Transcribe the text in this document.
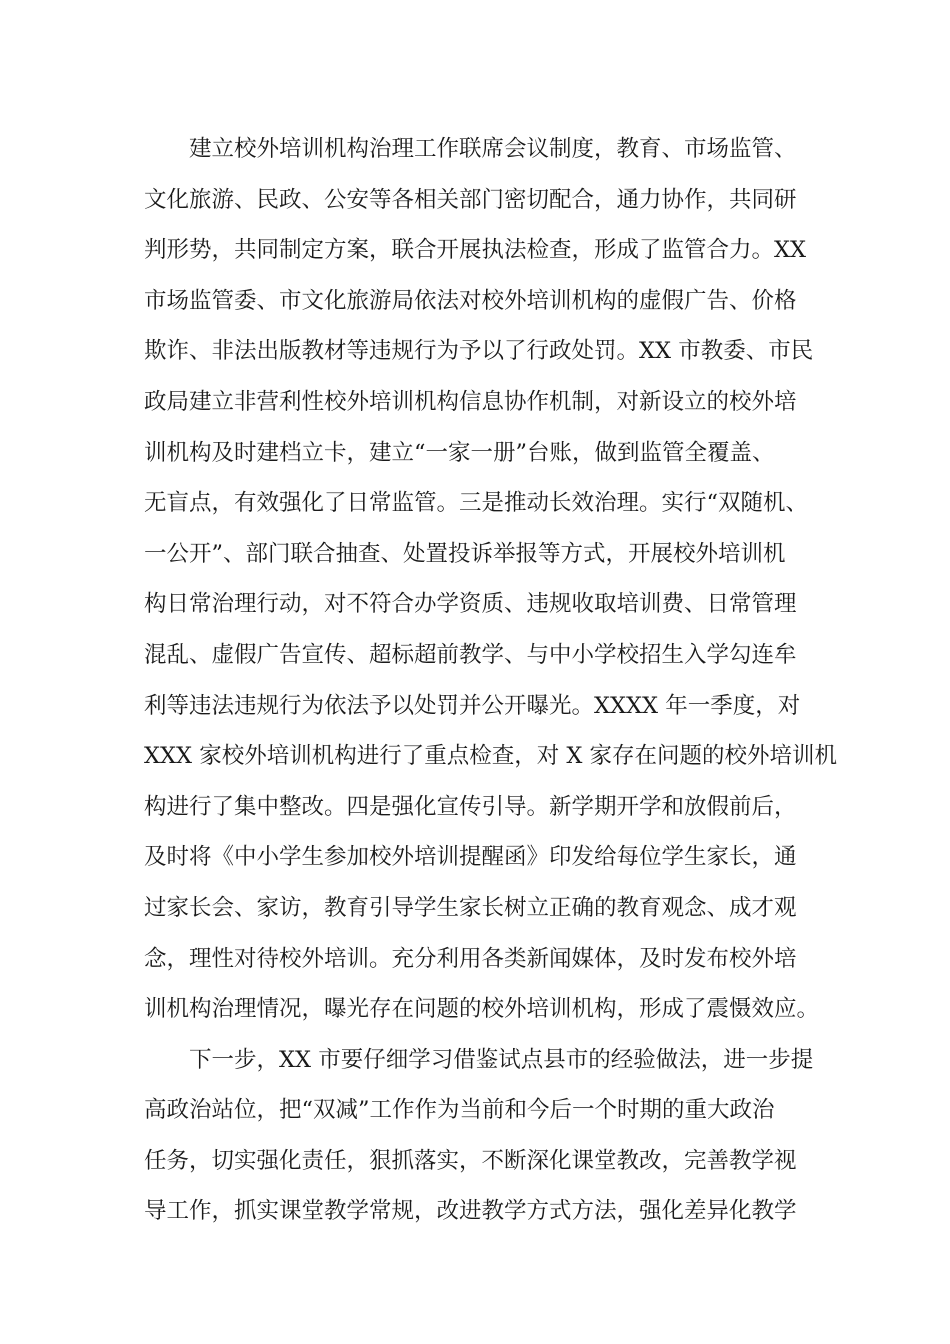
建立校外培训机构治理工作联席会议制度，教育、市场监管、
文化旅游、民政、公安等各相关部门密切配合，通力协作，共同研
判形势，共同制定方案，联合开展执法检查，形成了监管合力。XX
市场监管委、市文化旅游局依法对校外培训机构的虚假广告、价格
欺诈、非法出版教材等违规行为予以了行政处罚。XX 市教委、市民
政局建立非营利性校外培训机构信息协作机制，对新设立的校外培
训机构及时建档立卡，建立“一家一册”台账，做到监管全覆盖、
无盲点，有效强化了日常监管。三是推动长效治理。实行“双随机、
一公开”、部门联合抽查、处置投诉举报等方式，开展校外培训机
构日常治理行动，对不符合办学资质、违规收取培训费、日常管理
混乱、虚假广告宣传、超标超前教学、与中小学校招生入学勾连牟
利等违法违规行为依法予以处罚并公开曝光。XXXX 年一季度，对
XXX 家校外培训机构进行了重点检查，对 X 家存在问题的校外培训机
构进行了集中整改。四是强化宣传引导。新学期开学和放假前后，
及时将《中小学生参加校外培训提醒函》印发给每位学生家长，通
过家长会、家访，教育引导学生家长树立正确的教育观念、成才观
念，理性对待校外培训。充分利用各类新闻媒体，及时发布校外培
训机构治理情况，曝光存在问题的校外培训机构，形成了震慑效应。
下一步，XX 市要仔细学习借鉴试点县市的经验做法，进一步提
高政治站位，把“双减”工作作为当前和今后一个时期的重大政治
任务，切实强化责任，狠抓落实，不断深化课堂教改，完善教学视
导工作，抓实课堂教学常规，改进教学方式方法，强化差异化教学
